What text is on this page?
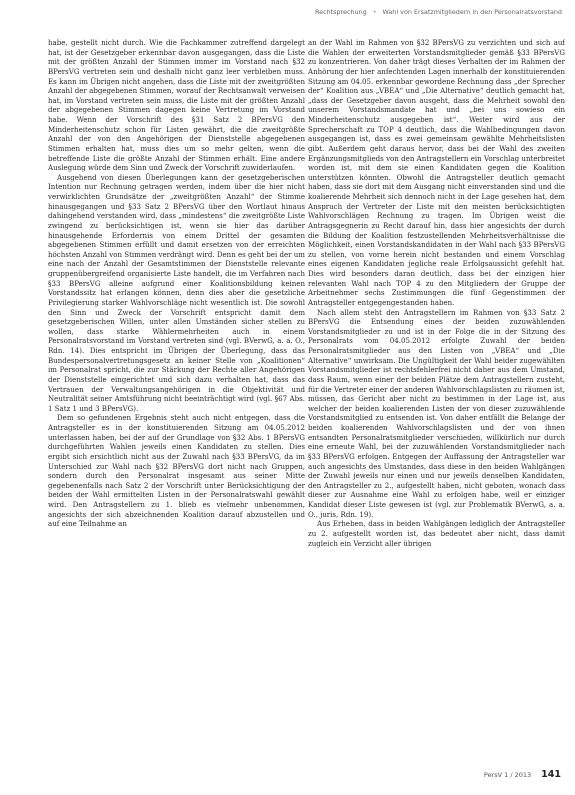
Rechtsprechung • Wahl von Ersatzmitgliedern in den Personalratsvorstand

habe, gestellt nicht durch. Wie die Fachkammer zutreffend dargelegt hat, ist der Gesetzgeber erkennbar davon ausgegangen, dass die Liste mit der größten Anzahl der Stimmen immer im Vorstand nach §32 BPersVG vertreten sein und deshalb nicht ganz leer verbleiben muss. Es kann im Übrigen nicht angehen, dass die Liste mit der zweitgrößten Anzahl der abgegebenen Stimmen, worauf der Rechtsanwalt verweisen hat, im Vorstand vertreten sein muss, die Liste mit der größten Anzahl der abgegebenen Stimmen dagegen keine Vertretung im Vorstand habe. Wenn der Vorschrift des §31 Satz 2 BPersVG den Minderheitenschutz schon für Listen gewährt, die die zweitgrößte Anzahl der von den Angehörigen der Dienststelle abgegebenen Stimmen erhalten hat, muss dies um so mehr gelten, wenn die betreffende Liste die größte Anzahl der Stimmen erhält. Eine andere Auslegung würde dem Sinn und Zweck der Vorschrift zuwiderlaufen.

Ausgehend von diesen Überlegungen kann der gesetzgeberischen Intention nur Rechnung getragen werden, indem über die hier nicht verwirklichten Grundsätze der „zweitgrößten Anzahl“ der Stimme hinausgegangen und §33 Satz 2 BPersVG über den Wortlaut hinaus dahingehend verstanden wird, dass „mindestens“ die zweitgrößte Liste zwingend zu berücksichtigen ist, wenn sie hier das darüber hinausgehende Erfordernis von einem Drittel der gesamten abgegebenen Stimmen erfüllt und damit ersetzen von der erreichten höchsten Anzahl von Stimmen verdrängt wird. Denn es geht bei der um eine nach der Anzahl der Gesamtstimmen der Dienststelle relevante gruppenübergreifend organisierte Liste handelt, die im Verfahren nach §33 BPersVG alleine aufgrund einer Koalitionsbildung keinen Vorstandssitz hat erlangen können, denn dies aber die gesetzliche Privilegierung starker Wahlvorschläge nicht wesentlich ist. Die sowohl den Sinn und Zweck der Vorschrift entspricht damit dem gesetzgeberischen Willen, unter allen Umständen sicher stellen zu wollen, dass starke Wählermehrheiten auch in einem Personalratsvorstand im Vorstand vertreten sind (vgl. BVerwG, a. a. O., Rdn. 14). Dies entspricht im Übrigen der Überlegung, dass das Bundespersonalvertretungsgesetz an keiner Stelle von „Koalitionen“ im Personalrat spricht, die zur Stärkung der Rechte aller Angehörigen der Dienststelle eingerichtet und sich dazu verhalten hat, dass das Vertrauen der Verwaltungsangehörigen in die Objektivität und Neutralität seiner Amtsführung nicht beeinträchtigt wird (vgl. §67 Abs. 1 Satz 1 und 3 BPersVG).

Dem so gefundenen Ergebnis steht auch nicht entgegen, dass die Antragsteller es in der konstituierenden Sitzung am 04.05.2012 unterlassen haben, bei der auf der Grundlage von §32 Abs. 1 BPersVG durchgeführten Wahlen jeweils einen Kandidaten zu stellen. Dies ergibt sich ersichtlich nicht aus der Zuwahl nach §33 BPersVG, da im Unterschied zur Wahl nach §32 BPersVG dort nicht nach Gruppen, sondern durch den Personalrat insgesamt aus seiner Mitte gegebenenfalls nach Satz 2 der Vorschrift unter Berücksichtigung der beiden der Wahl ermittelten Listen in der Personalratswahl gewählt wird. Den Antragstellern zu 1. blieb es vielmehr unbenommen, angesichts der sich abzeichnenden Koalition darauf abzustellen und auf eine Teilnahme an

an der Wahl im Rahmen von §32 BPersVG zu verzichten und sich auf die Wahlen der erweiterten Vorstandsmitglieder gemäß §33 BPersVG zu konzentrieren. Von daher trägt dieses Verhalten der im Rahmen der Anhörung der hier anfechtenden Lagen innerhalb der konstituierenden Sitzung am 04.05. erkennbar gewordene Rechnung dass „der Sprecher der“ Koalition aus „VBEA“ und „Die Alternative“ deutlich gemacht hat, „dass der Gesetzgeber davon ausgeht, dass die Mehrheit sowohl den unserem Vorstandsmandate hat und „bei uns sowieso ein Minderheitenschutz ausgegeben ist“. Weiter wird aus der Sprecherschaft zu TOP 4 deutlich, dass die Wahlbedingungen davon ausgegangen ist, dass es zwei gemeinsam gewählte Mehrheitslisten gibt. Außerdem geht daraus hervor, dass bei der Wahl des zweiten Ergänzungsmitglieds von den Antragstellern ein Vorschlag unterbreitet worden ist, mit dem sie einen Kandidaten gegen die Koalition unterstützen könnten. Obwohl die Antragsteller deutlich gemacht haben, dass sie dort mit dem Ausgang nicht einverstanden sind und die koalierende Mehrheit sich dennoch nicht in der Lage gesehen hat, dem Anspruch der Vertreter der Liste mit den meisten berücksichtigten Wahlvorschlägen Rechnung zu tragen. Im Übrigen weist die Antragsgegnerin zu Recht darauf hin, dass hier angesichts der durch die Bildung der Koalition festzustellenden Mehrheitsverhältnisse die Möglichkeit, einen Vorstandskandidaten in der Wahl nach §33 BPersVG zu stellen, von vorne herein nicht bestanden und einem Vorschlag eines eigenen Kandidaten jegliche reale Erfolgsaussicht gefehlt hat. Dies wird besonders daran deutlich, dass bei der einzigen hier relevanten Wahl nach TOP 4 zu den Mitgliedern der Gruppe der Arbeitnehmer sechs Zustimmungen die fünf Gegenstimmen der Antragsteller entgegengestanden haben.

Nach allem steht den Antragstellern im Rahmen von §33 Satz 2 BPersVG die Entsendung eines der beiden zuzuwählenden Vorstandsmitglieder zu und ist in der Folge die in der Sitzung des Personalrats vom 04.05.2012 erfolgte Zuwahl der beiden Personalratsmitglieder aus den Listen von „VBEA“ und „Die Alternative“ unwirksam. Die Ungültigkeit der Wahl beider zugewählten Vorstandsmitglieder ist rechtsfehlerfrei nicht daher aus dem Umstand, dass Raum, wenn einer der beiden Plätze dem Antragstellern zusteht, für die Vertreter einer der anderen Wahlvorschlagslisten zu räumen ist, müssen, das Gericht aber nicht zu bestimmen in der Lage ist, aus welcher der beiden koalierenden Listen der von dieser zuzuwählende Vorstandsmitglied zu entsenden ist. Von daher entfällt die Belange der beiden koalierenden Wahlvorschlagslisten und der von ihnen entsandten Personalratsmitglieder verschieden, willkürlich nur durch eine erneute Wahl, bei der zuzuwählenden Vorstandsmitglieder nach §33 BPersVG erfolgen. Entgegen der Auffassung der Antragsteller war auch angesichts des Umstandes, dass diese in den beiden Wahlgängen der Zuwahl jeweils nur einen und nur jeweils denselben Kandidaten, den Antragsteller zu 2., aufgestellt haben, nicht geboten, wonach dass dieser zur Ausnahme eine Wahl zu erfolgen habe, weil er einziger Kandidat dieser Liste gewesen ist (vgl. zur Problematik BVerwG, a. a. O., juris, Rdn. 19).

Aus Erheben, dass in beiden Wahlgängen lediglich der Antragsteller zu 2. aufgestellt worden ist, das bedeutet aber nicht, dass damit zugleich ein Verzicht aller übrigen

PersV 1 / 2013 141
